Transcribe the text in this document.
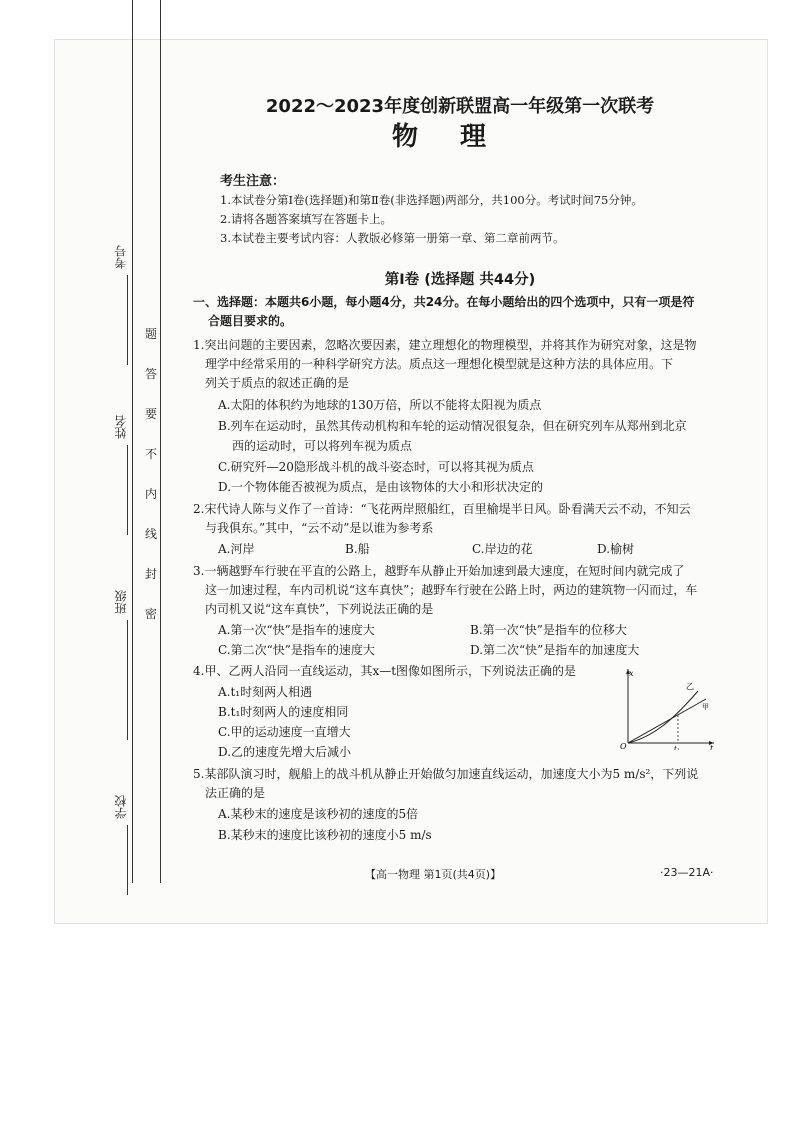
考号
姓名
班级
学校
题
答
要
不
内
线
封
密
2022～2023年度创新联盟高一年级第一次联考
物理
考生注意：
1.本试卷分第Ⅰ卷(选择题)和第Ⅱ卷(非选择题)两部分，共100分。考试时间75分钟。
2.请将各题答案填写在答题卡上。
3.本试卷主要考试内容：人教版必修第一册第一章、第二章前两节。
第Ⅰ卷 (选择题 共44分)
一、选择题：本题共6小题，每小题4分，共24分。在每小题给出的四个选项中，只有一项是符
合题目要求的。
1.突出问题的主要因素，忽略次要因素，建立理想化的物理模型，并将其作为研究对象，这是物
理学中经常采用的一种科学研究方法。质点这一理想化模型就是这种方法的具体应用。下
列关于质点的叙述正确的是
A.太阳的体积约为地球的130万倍，所以不能将太阳视为质点
B.列车在运动时，虽然其传动机构和车轮的运动情况很复杂，但在研究列车从郑州到北京
西的运动时，可以将列车视为质点
C.研究歼—20隐形战斗机的战斗姿态时，可以将其视为质点
D.一个物体能否被视为质点，是由该物体的大小和形状决定的
2.宋代诗人陈与义作了一首诗：“飞花两岸照船红，百里榆堤半日风。卧看满天云不动，不知云
与我俱东。”其中，“云不动”是以谁为参考系
A.河岸	B.船	C.岸边的花	D.榆树
3.一辆越野车行驶在平直的公路上，越野车从静止开始加速到最大速度，在短时间内就完成了
这一加速过程，车内司机说“这车真快”；越野车行驶在公路上时，两边的建筑物一闪而过，车
内司机又说“这车真快”，下列说法正确的是
A.第一次“快”是指车的速度大	B.第一次“快”是指车的位移大
C.第二次“快”是指车的速度大	D.第二次“快”是指车的加速度大
4.甲、乙两人沿同一直线运动，其x—t图像如图所示，下列说法正确的是
A.t₁时刻两人相遇
B.t₁时刻两人的速度相同
C.甲的运动速度一直增大
D.乙的速度先增大后减小
x
t
O	t₁
乙
甲
5.某部队演习时，舰船上的战斗机从静止开始做匀加速直线运动，加速度大小为5 m/s²，下列说
法正确的是
A.某秒末的速度是该秒初的速度的5倍
B.某秒末的速度比该秒初的速度小5 m/s
【高一物理 第1页(共4页)】	·23—21A·
